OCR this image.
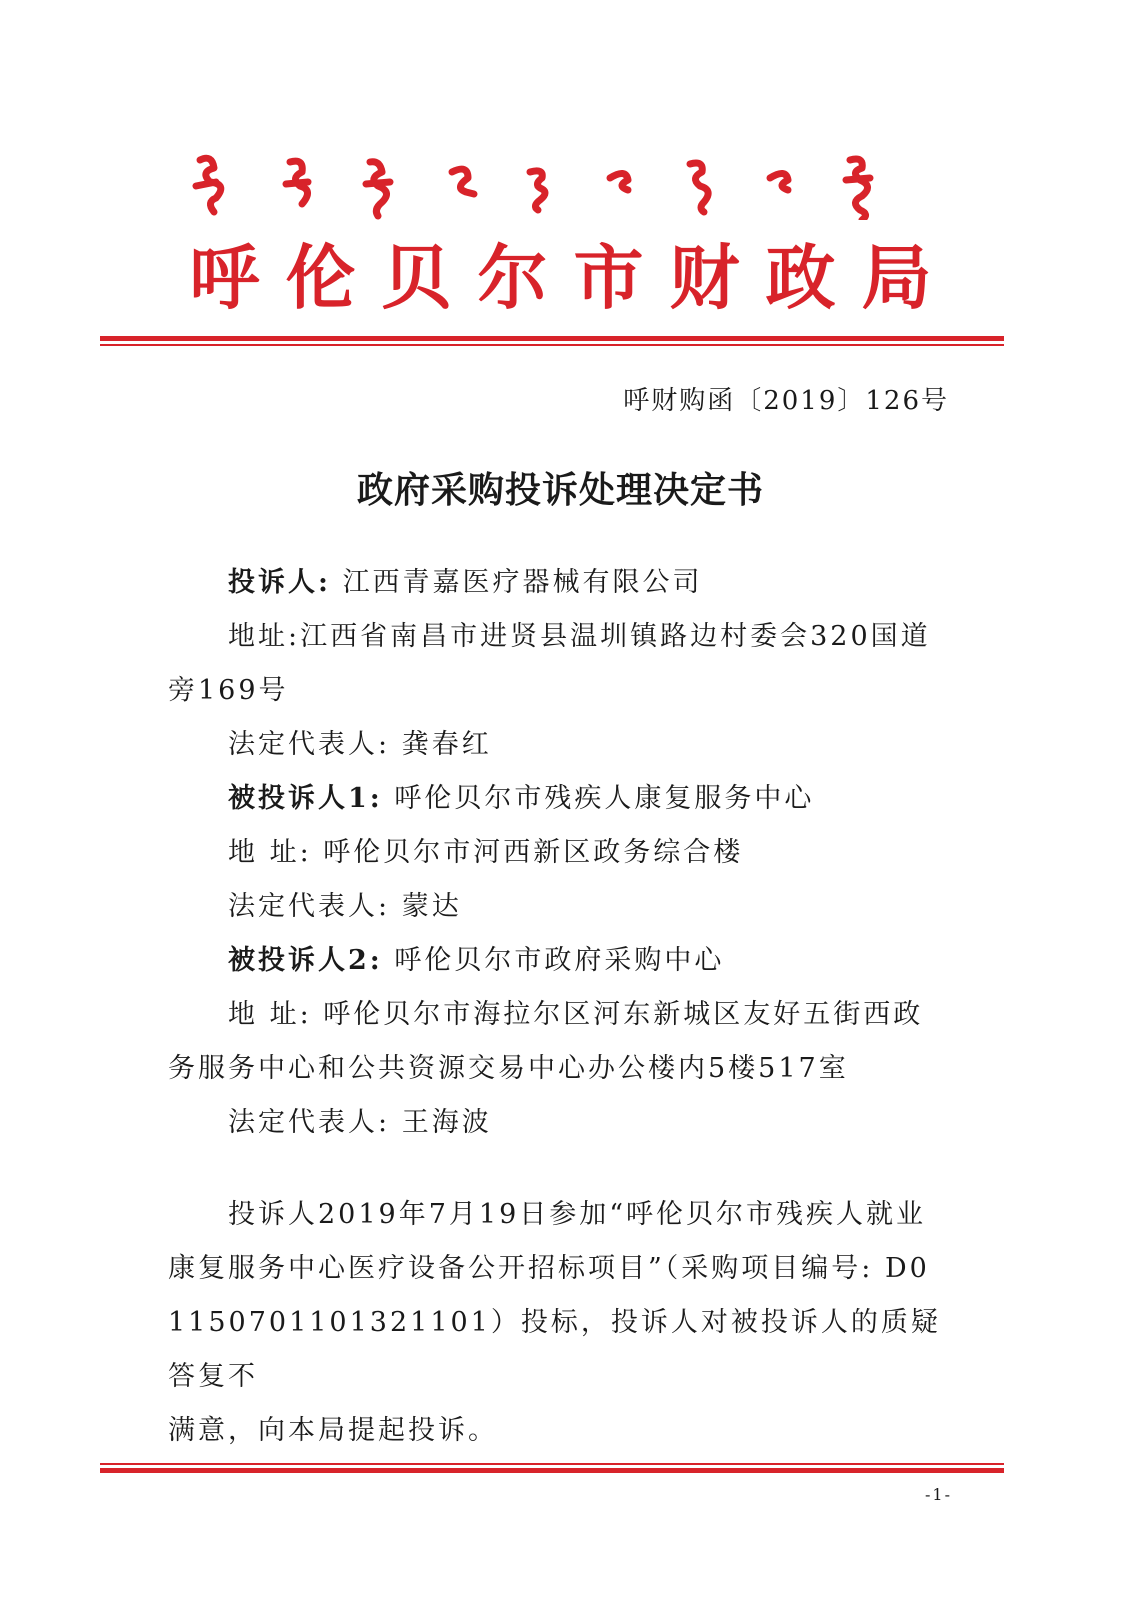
呼伦贝尔市财政局
呼财购函〔2019〕126号
政府采购投诉处理决定书

投诉人: 江西青嘉医疗器械有限公司

地址:江西省南昌市进贤县温圳镇路边村委会320国道

旁169号

法定代表人: 龚春红

被投诉人1: 呼伦贝尔市残疾人康复服务中心

地 址: 呼伦贝尔市河西新区政务综合楼

法定代表人: 蒙达

被投诉人2: 呼伦贝尔市政府采购中心

地 址: 呼伦贝尔市海拉尔区河东新城区友好五街西政

务服务中心和公共资源交易中心办公楼内5楼517室

法定代表人: 王海波

投诉人2019年7月19日参加“呼伦贝尔市残疾人就业

康复服务中心医疗设备公开招标项目”（采购项目编号: D0

1150701101321101）投标，投诉人对被投诉人的质疑答复不

满意，向本局提起投诉。

-1-
